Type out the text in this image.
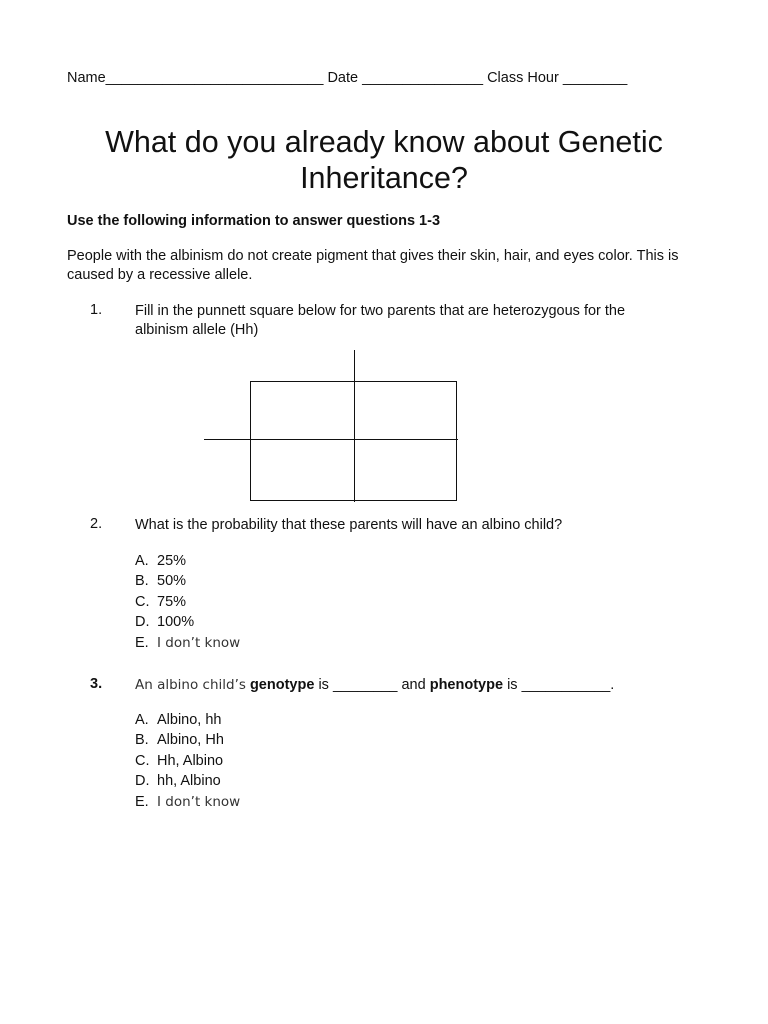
Name___________________________ Date _______________ Class Hour ________
What do you already know about Genetic
Inheritance?
Use the following information to answer questions 1-3
People with the albinism do not create pigment that gives their skin, hair, and eyes color. This is caused by a recessive allele.
1. Fill in the punnett square below for two parents that are heterozygous for the
albinism allele (Hh)
2. What is the probability that these parents will have an albino child?
A. 25%
B. 50%
C. 75%
D. 100%
E. I don’t know
3. An albino child’s genotype is ________ and phenotype is ___________.
A. Albino, hh
B. Albino, Hh
C. Hh, Albino
D. hh, Albino
E. I don’t know
